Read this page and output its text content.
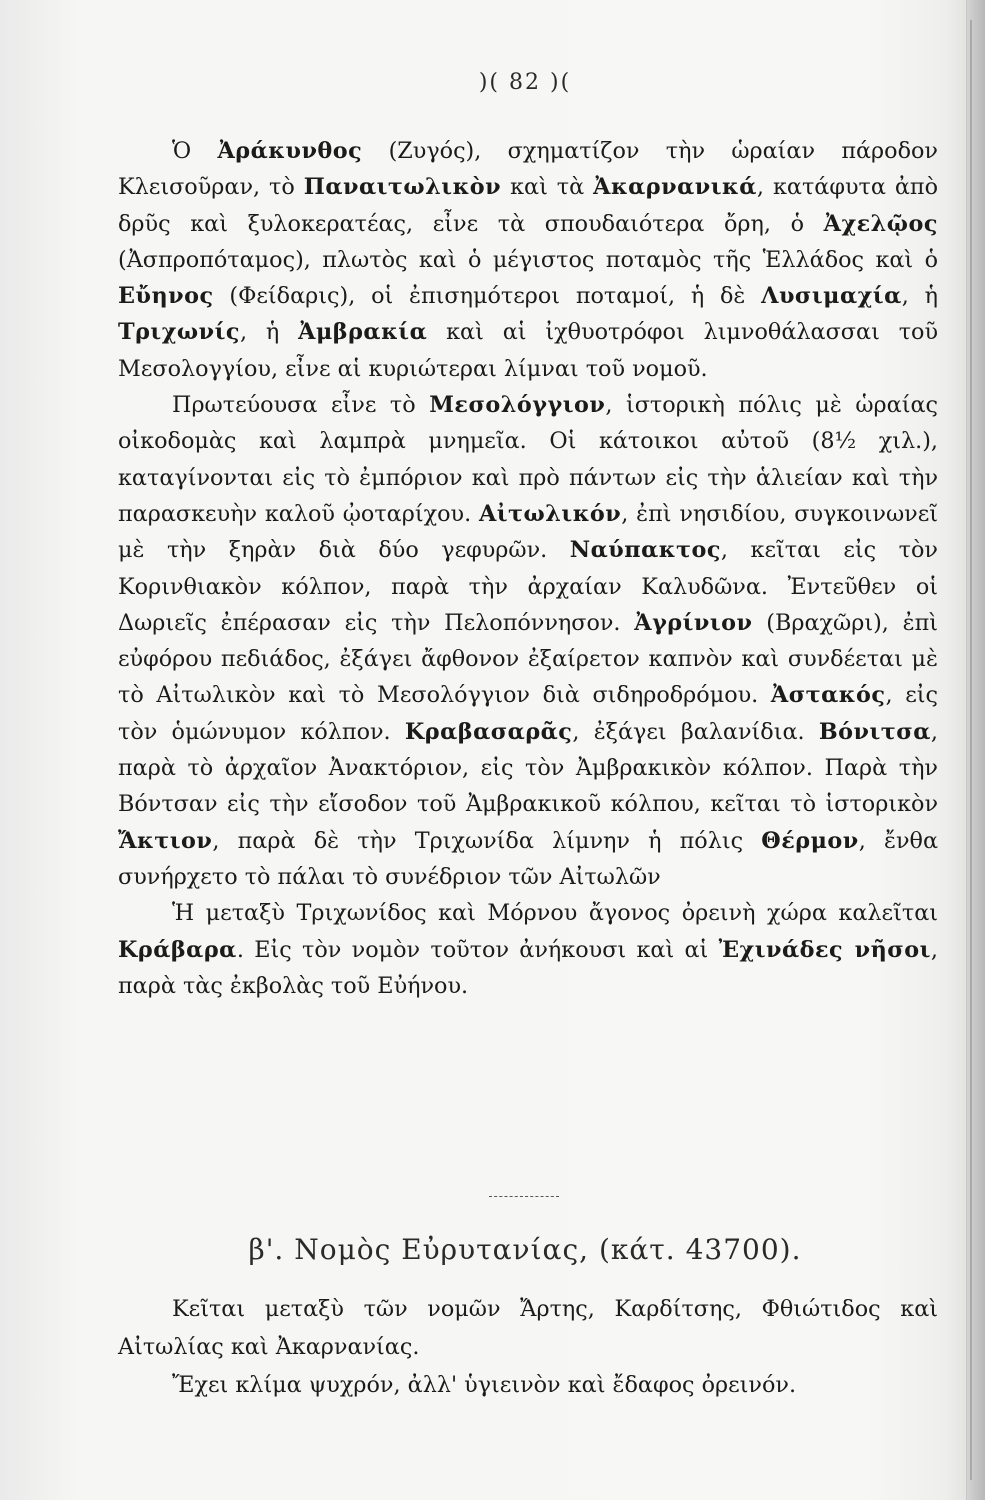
)( 82 )(

Ὁ Ἀράκυνθος (Ζυγός), σχηματίζον τὴν ὡραίαν πάροδον Κλεισοῦραν, τὸ Παναιτωλικὸν καὶ τὰ Ἀκαρνανικά, κατάφυτα ἀπὸ δρῦς καὶ ξυλοκερατέας, εἶνε τὰ σπουδαιότερα ὄρη, ὁ Ἀχελῷος (Ἀσπροπόταμος), πλωτὸς καὶ ὁ μέγιστος ποταμὸς τῆς Ἑλλάδος καὶ ὁ Εὔηνος (Φείδαρις), οἱ ἐπισημότεροι ποταμοί, ἡ δὲ Λυσιμαχία, ἡ Τριχωνίς, ἡ Ἀμβρακία καὶ αἱ ἰχθυοτρόφοι λιμνοθάλασσαι τοῦ Μεσολογγίου, εἶνε αἱ κυριώτεραι λίμναι τοῦ νομοῦ.

Πρωτεύουσα εἶνε τὸ Μεσολόγγιον, ἱστορικὴ πόλις μὲ ὡραίας οἰκοδομὰς καὶ λαμπρὰ μνημεῖα. Οἱ κάτοικοι αὐτοῦ (8½ χιλ.), καταγίνονται εἰς τὸ ἐμπόριον καὶ πρὸ πάντων εἰς τὴν ἁλιείαν καὶ τὴν παρασκευὴν καλοῦ ᾠοταρίχου. Αἰτωλικόν, ἐπὶ νησιδίου, συγκοινωνεῖ μὲ τὴν ξηρὰν διὰ δύο γεφυρῶν. Ναύπακτος, κεῖται εἰς τὸν Κορινθιακὸν κόλπον, παρὰ τὴν ἀρχαίαν Καλυδῶνα. Ἐντεῦθεν οἱ Δωριεῖς ἐπέρασαν εἰς τὴν Πελοπόννησον. Ἀγρίνιον (Βραχῶρι), ἐπὶ εὐφόρου πεδιάδος, ἐξάγει ἄφθονον ἐξαίρετον καπνὸν καὶ συνδέεται μὲ τὸ Αἰτωλικὸν καὶ τὸ Μεσολόγγιον διὰ σιδηροδρόμου. Ἀστακός, εἰς τὸν ὁμώνυμον κόλπον. Κραβασαρᾶς, ἐξάγει βαλανίδια. Βόνιτσα, παρὰ τὸ ἀρχαῖον Ἀνακτόριον, εἰς τὸν Ἀμβρακικὸν κόλπον. Παρὰ τὴν Βόντσαν εἰς τὴν εἴσοδον τοῦ Ἀμβρακικοῦ κόλπου, κεῖται τὸ ἱστορικὸν Ἄκτιον, παρὰ δὲ τὴν Τριχωνίδα λίμνην ἡ πόλις Θέρμον, ἔνθα συνήρχετο τὸ πάλαι τὸ συνέδριον τῶν Αἰτωλῶν

Ἡ μεταξὺ Τριχωνίδος καὶ Μόρνου ἄγονος ὀρεινὴ χώρα καλεῖται Κράβαρα. Εἰς τὸν νομὸν τοῦτον ἀνήκουσι καὶ αἱ Ἐχινάδες νῆσοι, παρὰ τὰς ἐκβολὰς τοῦ Εὐήνου.

β'. Νομὸς Εὐρυτανίας, (κάτ. 43700).

Κεῖται μεταξὺ τῶν νομῶν Ἄρτης, Καρδίτσης, Φθιώτιδος καὶ Αἰτωλίας καὶ Ἀκαρνανίας.

Ἔχει κλίμα ψυχρόν, ἀλλ' ὑγιεινὸν καὶ ἔδαφος ὀρεινόν.
